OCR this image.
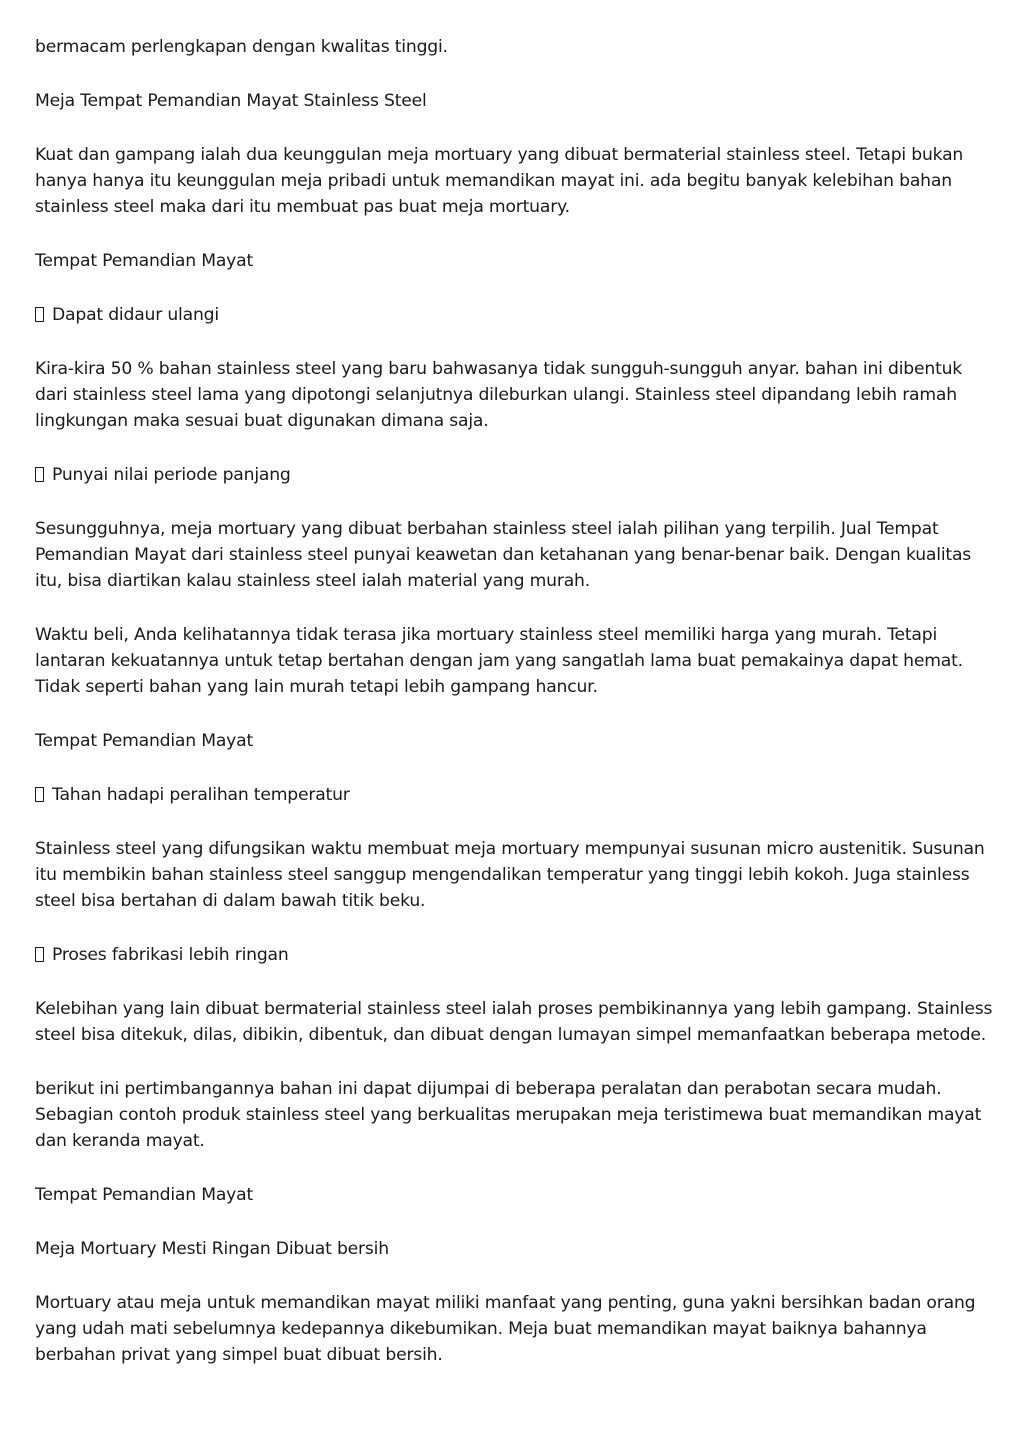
bermacam perlengkapan dengan kwalitas tinggi.

Meja Tempat Pemandian Mayat Stainless Steel

Kuat dan gampang ialah dua keunggulan meja mortuary yang dibuat bermaterial stainless steel. Tetapi bukan hanya hanya itu keunggulan meja pribadi untuk memandikan mayat ini. ada begitu banyak kelebihan bahan stainless steel maka dari itu membuat pas buat meja mortuary.

Tempat Pemandian Mayat

Dapat didaur ulangi

Kira-kira 50 % bahan stainless steel yang baru bahwasanya tidak sungguh-sungguh anyar. bahan ini dibentuk dari stainless steel lama yang dipotongi selanjutnya dileburkan ulangi. Stainless steel dipandang lebih ramah lingkungan maka sesuai buat digunakan dimana saja.

Punyai nilai periode panjang

Sesungguhnya, meja mortuary yang dibuat berbahan stainless steel ialah pilihan yang terpilih. Jual Tempat Pemandian Mayat dari stainless steel punyai keawetan dan ketahanan yang benar-benar baik. Dengan kualitas itu, bisa diartikan kalau stainless steel ialah material yang murah.

Waktu beli, Anda kelihatannya tidak terasa jika mortuary stainless steel memiliki harga yang murah. Tetapi lantaran kekuatannya untuk tetap bertahan dengan jam yang sangatlah lama buat pemakainya dapat hemat. Tidak seperti bahan yang lain murah tetapi lebih gampang hancur.

Tempat Pemandian Mayat

Tahan hadapi peralihan temperatur

Stainless steel yang difungsikan waktu membuat meja mortuary mempunyai susunan micro austenitik. Susunan itu membikin bahan stainless steel sanggup mengendalikan temperatur yang tinggi lebih kokoh. Juga stainless steel bisa bertahan di dalam bawah titik beku.

Proses fabrikasi lebih ringan

Kelebihan yang lain dibuat bermaterial stainless steel ialah proses pembikinannya yang lebih gampang. Stainless steel bisa ditekuk, dilas, dibikin, dibentuk, dan dibuat dengan lumayan simpel memanfaatkan beberapa metode.

berikut ini pertimbangannya bahan ini dapat dijumpai di beberapa peralatan dan perabotan secara mudah. Sebagian contoh produk stainless steel yang berkualitas merupakan meja teristimewa buat memandikan mayat dan keranda mayat.

Tempat Pemandian Mayat

Meja Mortuary Mesti Ringan Dibuat bersih

Mortuary atau meja untuk memandikan mayat miliki manfaat yang penting, guna yakni bersihkan badan orang yang udah mati sebelumnya kedepannya dikebumikan. Meja buat memandikan mayat baiknya bahannya berbahan privat yang simpel buat dibuat bersih.
